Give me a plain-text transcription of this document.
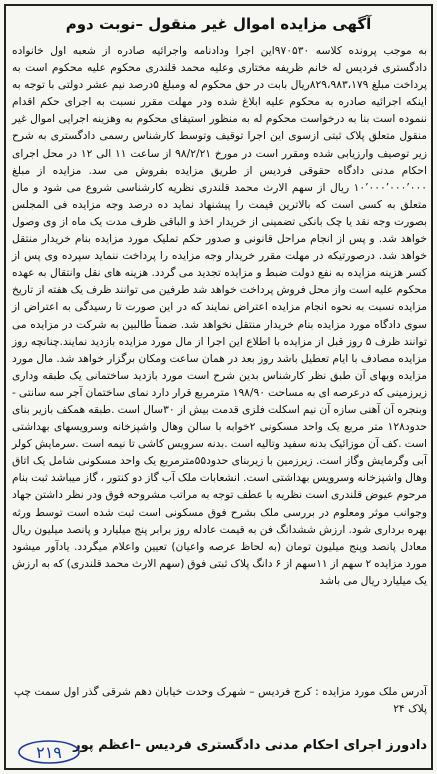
آگهی مزایده اموال غیر منقول –نوبت دوم
به موجب پرونده کلاسه ۹۷۰۵۳۰این اجرا ودادنامه واجرائیه صادره از شعبه اول خانواده دادگستری فردیس له خانم ظریفه مختاری وعلیه محمد قلندری محکوم علیه محکوم است به پرداخت مبلغ ۸۲۹،۹۸۳،۱۷۹ریال بابت در حق محکوم له ومبلغ ۵درصد نیم عشر دولتی با توجه به اینکه اجرائیه صادره به محکوم علیه ابلاغ شده ودر مهلت مقرر نسبت به اجرای حکم اقدام ننموده است بنا به درخواست محکوم له به منظور استیفای محکوم به وهزینه اجرایی اموال غیر منقول متعلق پلاک ثبتی ازسوی این اجرا توقیف وتوسط کارشناس رسمی دادگستری به شرح زیر توصیف وارزیابی شده ومقرر است در مورخ ۹۸/۲/۲۱ از ساعت ۱۱ الی ۱۲ در محل اجرای احکام مدنی دادگاه حقوقی فردیس از طریق مزایده بفروش می سد. مزایده از مبلغ ۱۰٬۰۰۰٬۰۰۰٬۰۰۰ ریال از سهم الارث محمد قلندری نظریه کارشناسی شروع می شود و مال متعلق به کسی است که بالاترین قیمت را پیشنهاد نماید ده درصد وجه مزایده فی المجلس بصورت وجه نقد یا چک بانکی تضمینی از خریدار اخذ و الباقی ظرف مدت یک ماه از وی وصول خواهد شد. و پس از انجام مراحل قانونی و صدور حکم تملیک مورد مزایده بنام خریدار منتقل خواهد شد. درصورتیکه در مهلت مقرر خریدار وجه مزایده را پرداخت ننماید سپرده وی پس از کسر هزینه مزایده به نفع دولت ضبط و مزایده تجدید می گردد. هزینه های نقل وانتقال به عهده محکوم علیه است واز محل فروش پرداخت خواهد شد طرفین می توانند ظرف یک هفته از تاریخ مزایده نسبت به نحوه انجام مزایده اعتراض نمایند که در این صورت تا رسیدگی به اعتراض از سوی دادگاه مورد مزایده بنام خریدار منتقل نخواهد شد. ضمناً طالبین به شرکت در مزایده می توانند ظرف ۵ روز قبل از مزایده با اطلاع این اجرا از مال مورد مزایده بازدید نمایند.چنانچه روز مزایده مصادف با ایام تعطیل باشد روز بعد در همان ساعت ومکان برگزار خواهد شد. مال مورد مزایده وبهای آن طبق نظر کارشناس بدین شرح است مورد بازدید ساختمانی یک طبقه وداری زیرزمینی که درعرصه ای به مساحت ۱۹۸/۹۰ مترمربع قرار دارد نمای ساختمان آجر سه سانتی - وبنجره آن آهنی سازه آن نیم اسکلت فلزی قدمت بیش از ۳۰سال است .طبقه همکف بازیر بنای حدود۱۲۸ متر مربع یک واحد مسکونی ۲خوابه با سالن وهال واشپزخانه وسرویسهای بهداشتی است .کف آن موزائیک بدنه سفید وتالیه است .بدنه سرویس کاشی تا نیمه است .سرمایش کولر آبی وگرمایش وگاز است. زیرزمین با زیربنای حدود۵۵مترمربع یک واحد مسکونی شامل یک اتاق وهال واشپزخانه وسرویس بهداشتی است. انشعابات ملک آب گاز دو کنتور ، گاز میباشد ثبت بنام مرحوم عیوض قلندری است نظریه با عطف توجه به مراتب مشروحه فوق ودر نظر داشتن جهاد وجوانب موثر ومعلوم در بررسی ملک بشرح فوق مسکونی است ثبت شده است توسط ورثه بهره برداری شود. ارزش ششدانگ فن به قیمت عادله روز برابر پنج میلیارد و پانصد میلیون ریال معادل پانصد وپنج میلیون تومان (به لحاظ عرصه واعیان) تعیین واعلام میگردد. یادآور میشود مورد مزایده ۲ سهم از ۱۱سهم از ۶ دانگ پلاک ثبتی فوق (سهم الارث محمد قلندری) که به ارزش یک میلیارد ریال می باشد
آدرس ملک مورد مزایده : کرج فردیس – شهرک وحدت خیابان دهم شرقی گذر اول سمت چپ پلاک ۲۴
دادورز اجرای احکام مدنی دادگستری فردیس –اعظم پور
۲۱۹
